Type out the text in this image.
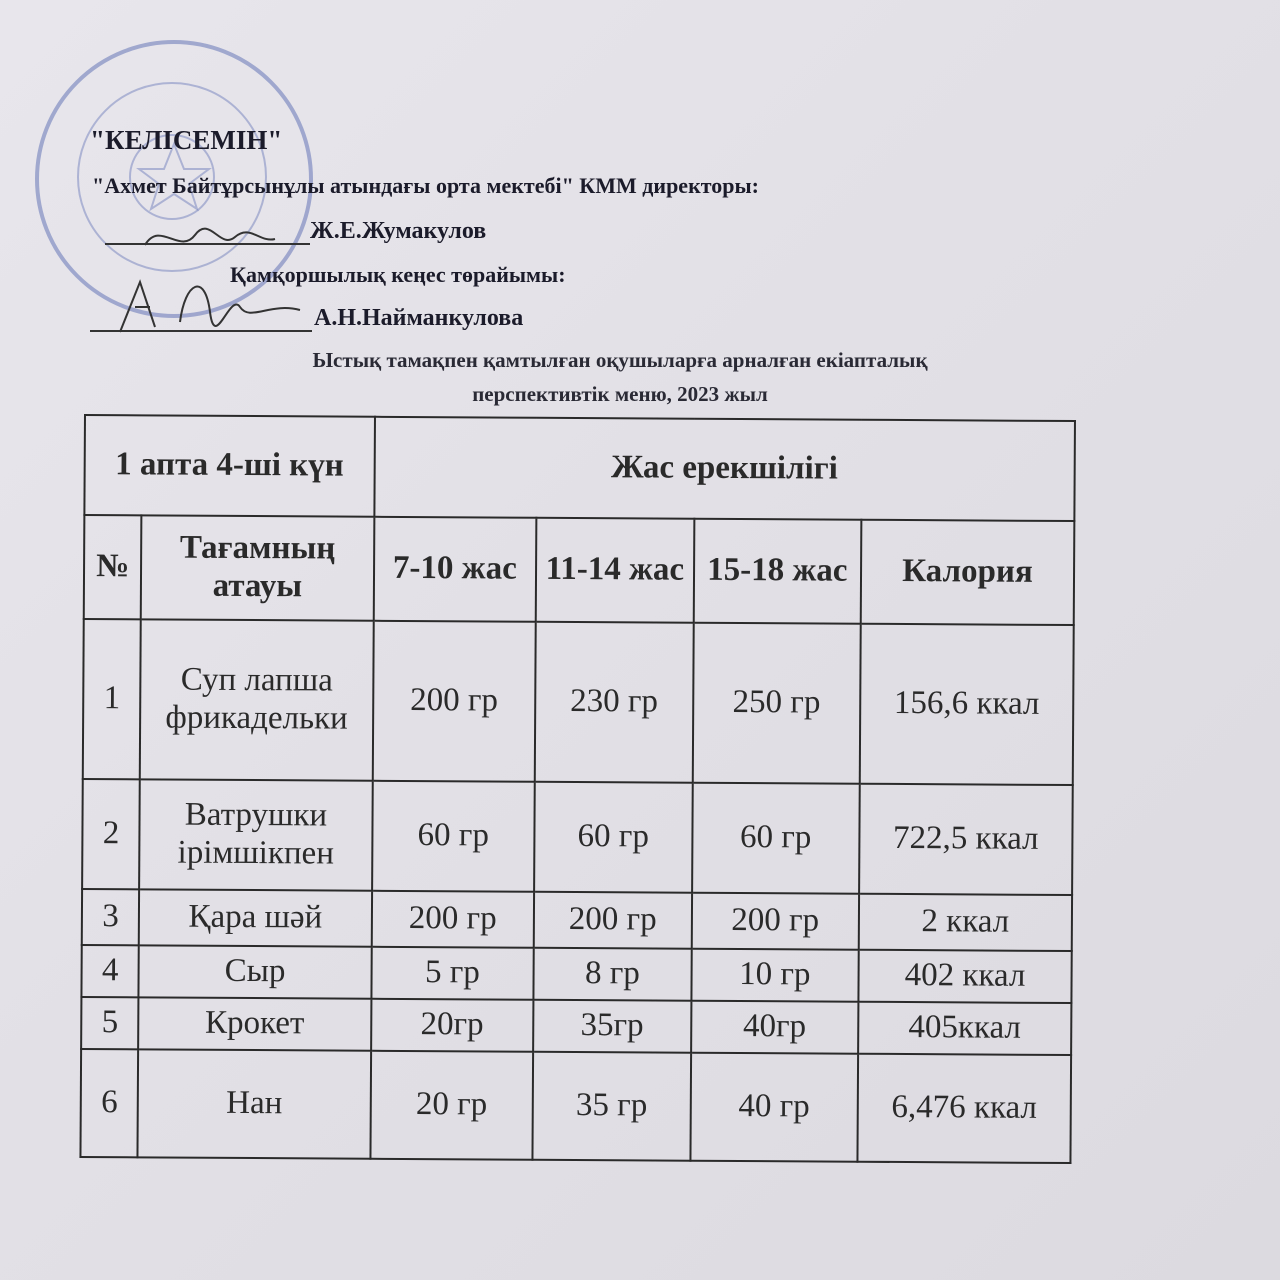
"КЕЛІСЕМІН"
"Ахмет Байтұрсынұлы атындағы орта мектебі" КММ директоры:
Ж.Е.Жумакулов
Қамқоршылық кеңес төрайымы:
А.Н.Найманкулова
Ыстық тамақпен қамтылған оқушыларға арналған екіапталық
перспективтік меню, 2023 жыл
1 апта 4-ші күн		Жас ерекшілігі			
№	Тағамның атауы	7-10 жас	11-14 жас	15-18 жас	Калория
1	Суп лапша фрикадельки	200 гр	230 гр	250 гр	156,6 ккал
2	Ватрушки ірімшікпен	60 гр	60 гр	60 гр	722,5 ккал
3	Қара шәй	200 гр	200 гр	200 гр	2 ккал
4	Сыр	5 гр	8 гр	10 гр	402 ккал
5	Крокет	20гр	35гр	40гр	405ккал
6	Нан	20 гр	35 гр	40 гр	6,476 ккал
